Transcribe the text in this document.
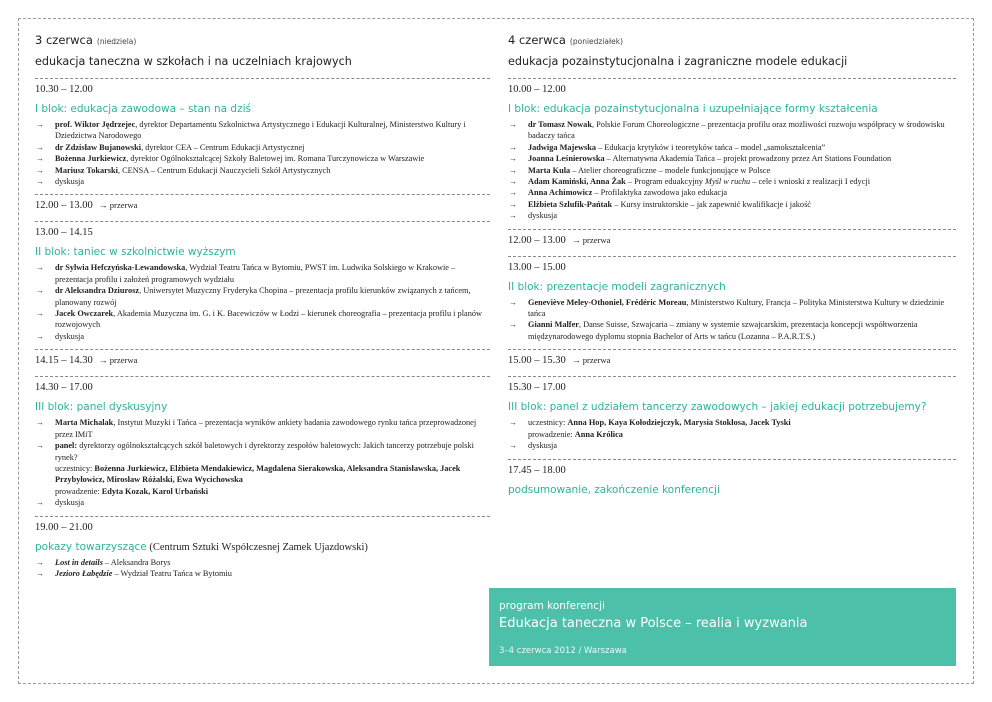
3 czerwca (niedziela)
edukacja taneczna w szkołach i na uczelniach krajowych
10.30 – 12.00
I blok: edukacja zawodowa – stan na dziś
→ prof. Wiktor Jędrzejec, dyrektor Departamentu Szkolnictwa Artystycznego i Edukacji Kulturalnej, Ministerstwo Kultury i Dziedzictwa Narodowego
→ dr Zdzisław Bujanowski, dyrektor CEA – Centrum Edukacji Artystycznej
→ Bożenna Jurkiewicz, dyrektor Ogólnokształcącej Szkoły Baletowej im. Romana Turczynowicza w Warszawie
→ Mariusz Tokarski, CENSA – Centrum Edukacji Nauczycieli Szkół Artystycznych
→ dyskusja
12.00 – 13.00 → przerwa
13.00 – 14.15
II blok: taniec w szkolnictwie wyższym
→ dr Sylwia Hefczyńska-Lewandowska, Wydział Teatru Tańca w Bytomiu, PWST im. Ludwika Solskiego w Krakowie – prezentacja profilu i założeń programowych wydziału
→ dr Aleksandra Dziurosz, Uniwersytet Muzyczny Fryderyka Chopina – prezentacja profilu kierunków związanych z tańcem, planowany rozwój
→ Jacek Owczarek, Akademia Muzyczna im. G. i K. Bacewiczów w Łodzi – kierunek choreografia – prezentacja profilu i planów rozwojowych
→ dyskusja
14.15 – 14.30 → przerwa
14.30 – 17.00
III blok: panel dyskusyjny
→ Marta Michalak, Instytut Muzyki i Tańca – prezentacja wyników ankiety badania zawodowego rynku tańca przeprowadzonej przez IMiT
→ panel: dyrektorzy ogólnokształcących szkół baletowych i dyrektorzy zespołów baletowych: Jakich tancerzy potrzebuje polski rynek?
uczestnicy: Bożenna Jurkiewicz, Elżbieta Mendakiewicz, Magdalena Sierakowska, Aleksandra Stanisławska, Jacek Przybyłowicz, Mirosław Różalski, Ewa Wycichowska
prowadzenie: Edyta Kozak, Karol Urbański
→ dyskusja
19.00 – 21.00
pokazy towarzyszące (Centrum Sztuki Współczesnej Zamek Ujazdowski)
→ Lost in details – Aleksandra Borys
→ Jezioro Łabędzie – Wydział Teatru Tańca w Bytomiu
4 czerwca (poniedziałek)
edukacja pozainstytucjonalna i zagraniczne modele edukacji
10.00 – 12.00
I blok: edukacja pozainstytucjonalna i uzupełniające formy kształcenia
→ dr Tomasz Nowak, Polskie Forum Choreologiczne – prezentacja profilu oraz możliwości rozwoju współpracy w środowisku badaczy tańca
→ Jadwiga Majewska – Edukacja krytyków i teoretyków tańca – model „samokształcenia”
→ Joanna Leśnierowska – Alternatywna Akademia Tańca – projekt prowadzony przez Art Stations Foundation
→ Marta Kula – Atelier choreograficzne – modele funkcjonujące w Polsce
→ Adam Kamiński, Anna Żak – Program eduakcyjny Myśl w ruchu – cele i wnioski z realizacji I edycji
→ Anna Achimowicz – Profilaktyka zawodowa jako edukacja
→ Elżbieta Szlufik-Pańtak – Kursy instruktorskie – jak zapewnić kwalifikacje i jakość
→ dyskusja
12.00 – 13.00 → przerwa
13.00 – 15.00
II blok: prezentacje modeli zagranicznych
→ Geneviève Meley-Othoniel, Frédéric Moreau, Ministerstwo Kultury, Francja – Polityka Ministerstwa Kultury w dziedzinie tańca
→ Gianni Malfer, Danse Suisse, Szwajcaria – zmiany w systemie szwajcarskim, prezentacja koncepcji współtworzenia międzynarodowego dyplomu stopnia Bachelor of Arts w tańcu (Lozanna – P.A.R.T.S.)
15.00 – 15.30 → przerwa
15.30 – 17.00
III blok: panel z udziałem tancerzy zawodowych – jakiej edukacji potrzebujemy?
→ uczestnicy: Anna Hop, Kaya Kołodziejczyk, Marysia Stokłosa, Jacek Tyski
prowadzenie: Anna Królica
→ dyskusja
17.45 – 18.00
podsumowanie, zakończenie konferencji
program konferencji
Edukacja taneczna w Polsce – realia i wyzwania
3–4 czerwca 2012 / Warszawa
